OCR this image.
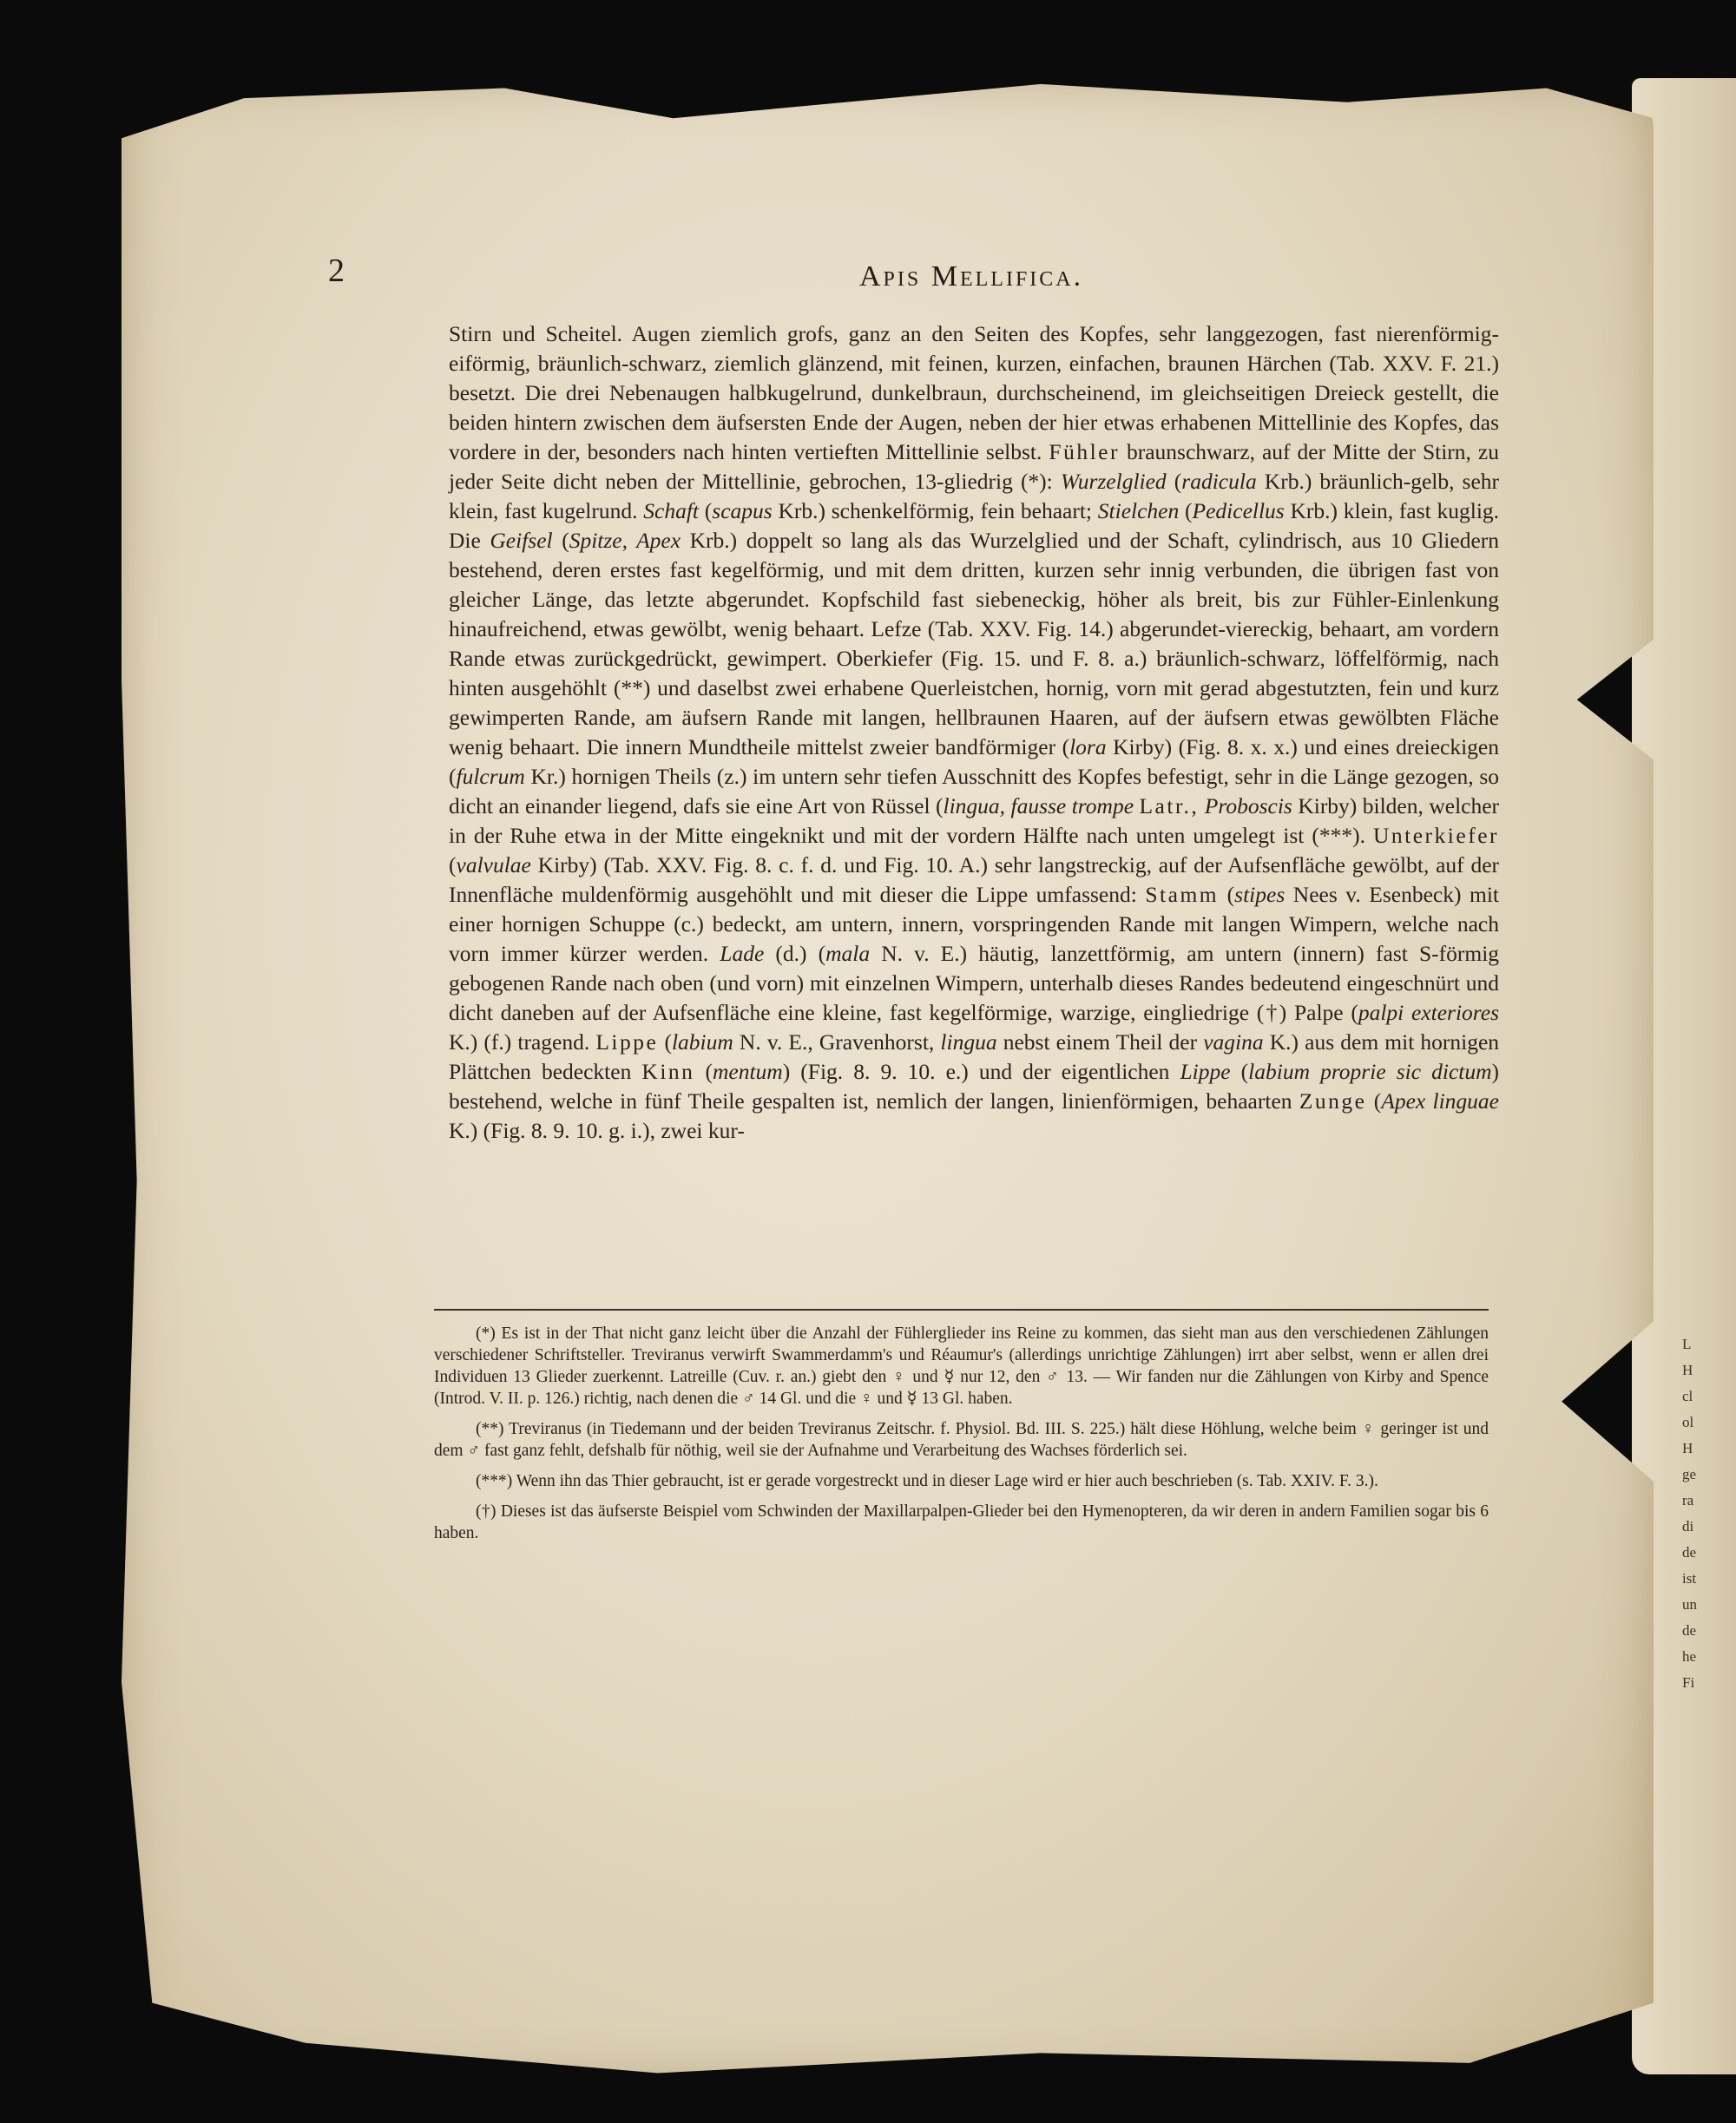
L
H
cl
ol
H
ge
ra
di
de
ist
un
de
he
Fi
2	Apis Mellifica.

Stirn und Scheitel. Augen ziemlich grofs, ganz an den Seiten des Kopfes, sehr langgezogen, fast nierenförmig-eiförmig, bräunlich-schwarz, ziemlich glänzend, mit feinen, kurzen, einfachen, braunen Härchen (Tab. XXV. F. 21.) besetzt. Die drei Nebenaugen halbkugelrund, dunkelbraun, durchscheinend, im gleichseitigen Dreieck gestellt, die beiden hintern zwischen dem äufsersten Ende der Augen, neben der hier etwas erhabenen Mittellinie des Kopfes, das vordere in der, besonders nach hinten vertieften Mittellinie selbst. Fühler braunschwarz, auf der Mitte der Stirn, zu jeder Seite dicht neben der Mittellinie, gebrochen, 13-gliedrig (*): Wurzelglied (radicula Krb.) bräunlich-gelb, sehr klein, fast kugelrund. Schaft (scapus Krb.) schenkelförmig, fein behaart; Stielchen (Pedicellus Krb.) klein, fast kuglig. Die Geifsel (Spitze, Apex Krb.) doppelt so lang als das Wurzelglied und der Schaft, cylindrisch, aus 10 Gliedern bestehend, deren erstes fast kegelförmig, und mit dem dritten, kurzen sehr innig verbunden, die übrigen fast von gleicher Länge, das letzte abgerundet. Kopfschild fast siebeneckig, höher als breit, bis zur Fühler-Einlenkung hinaufreichend, etwas gewölbt, wenig behaart. Lefze (Tab. XXV. Fig. 14.) abgerundet-viereckig, behaart, am vordern Rande etwas zurückgedrückt, gewimpert. Oberkiefer (Fig. 15. und F. 8. a.) bräunlich-schwarz, löffelförmig, nach hinten ausgehöhlt (**) und daselbst zwei erhabene Querleistchen, hornig, vorn mit gerad abgestutzten, fein und kurz gewimperten Rande, am äufsern Rande mit langen, hellbraunen Haaren, auf der äufsern etwas gewölbten Fläche wenig behaart. Die innern Mundtheile mittelst zweier bandförmiger (lora Kirby) (Fig. 8. x. x.) und eines dreieckigen (fulcrum Kr.) hornigen Theils (z.) im untern sehr tiefen Ausschnitt des Kopfes befestigt, sehr in die Länge gezogen, so dicht an einander liegend, dafs sie eine Art von Rüssel (lingua, fausse trompe Latr., Proboscis Kirby) bilden, welcher in der Ruhe etwa in der Mitte eingeknikt und mit der vordern Hälfte nach unten umgelegt ist (***). Unterkiefer (valvulae Kirby) (Tab. XXV. Fig. 8. c. f. d. und Fig. 10. A.) sehr langstreckig, auf der Aufsenfläche gewölbt, auf der Innenfläche muldenförmig ausgehöhlt und mit dieser die Lippe umfassend: Stamm (stipes Nees v. Esenbeck) mit einer hornigen Schuppe (c.) bedeckt, am untern, innern, vorspringenden Rande mit langen Wimpern, welche nach vorn immer kürzer werden. Lade (d.) (mala N. v. E.) häutig, lanzettförmig, am untern (innern) fast S-förmig gebogenen Rande nach oben (und vorn) mit einzelnen Wimpern, unterhalb dieses Randes bedeutend eingeschnürt und dicht daneben auf der Aufsenfläche eine kleine, fast kegelförmige, warzige, eingliedrige (†) Palpe (palpi exteriores K.) (f.) tragend. Lippe (labium N. v. E., Gravenhorst, lingua nebst einem Theil der vagina K.) aus dem mit hornigen Plättchen bedeckten Kinn (mentum) (Fig. 8. 9. 10. e.) und der eigentlichen Lippe (labium proprie sic dictum) bestehend, welche in fünf Theile gespalten ist, nemlich der langen, linienförmigen, behaarten Zunge (Apex linguae K.) (Fig. 8. 9. 10. g. i.), zwei kur-

(*) Es ist in der That nicht ganz leicht über die Anzahl der Fühlerglieder ins Reine zu kommen, das sieht man aus den verschiedenen Zählungen verschiedener Schriftsteller. Treviranus verwirft Swammerdamm's und Réaumur's (allerdings unrichtige Zählungen) irrt aber selbst, wenn er allen drei Individuen 13 Glieder zuerkennt. Latreille (Cuv. r. an.) giebt den ♀ und ☿ nur 12, den ♂ 13. — Wir fanden nur die Zählungen von Kirby and Spence (Introd. V. II. p. 126.) richtig, nach denen die ♂ 14 Gl. und die ♀ und ☿ 13 Gl. haben.

(**) Treviranus (in Tiedemann und der beiden Treviranus Zeitschr. f. Physiol. Bd. III. S. 225.) hält diese Höhlung, welche beim ♀ geringer ist und dem ♂ fast ganz fehlt, defshalb für nöthig, weil sie der Aufnahme und Verarbeitung des Wachses förderlich sei.

(***) Wenn ihn das Thier gebraucht, ist er gerade vorgestreckt und in dieser Lage wird er hier auch beschrieben (s. Tab. XXIV. F. 3.).

(†) Dieses ist das äufserste Beispiel vom Schwinden der Maxillarpalpen-Glieder bei den Hymenopteren, da wir deren in andern Familien sogar bis 6 haben.
